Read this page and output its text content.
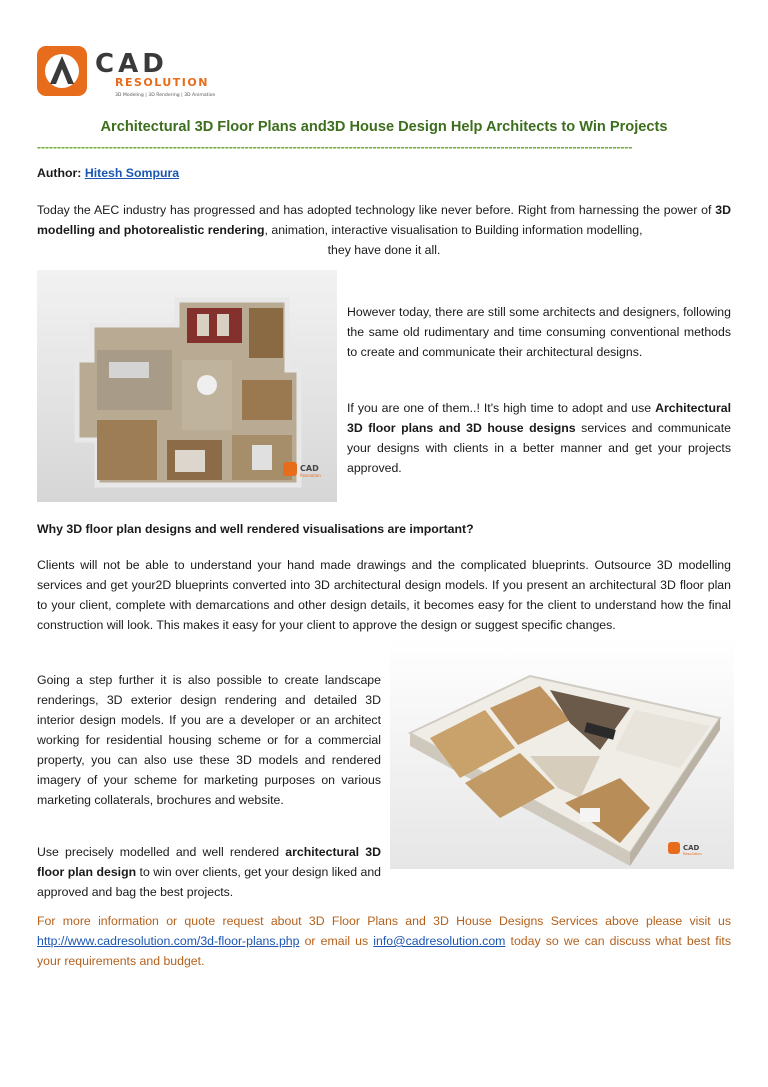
CAD
RESOLUTION
3D Modeling | 3D Rendering | 3D Animation
Architectural 3D Floor Plans and3D House Design Help Architects to Win Projects
-----------------------------------------------------------------------------------------------------------------------------------------------------
Author: Hitesh Sompura
Today the AEC industry has progressed and has adopted technology like never before. Right from harnessing the power of 3D modelling and photorealistic rendering, animation, interactive visualisation to Building information modelling,
they have done it all.
CAD
Resolution
However today, there are still some architects and designers, following the same old rudimentary and time consuming conventional methods to create and communicate their architectural designs.
If you are one of them..! It's high time to adopt and use Architectural 3D floor plans and 3D house designs services and communicate your designs with clients in a better manner and get your projects approved.
Why 3D floor plan designs and well rendered visualisations are important?
Clients will not be able to understand your hand made drawings and the complicated blueprints. Outsource 3D modelling services and get your2D blueprints converted into 3D architectural design models. If you present an architectural 3D floor plan to your client, complete with demarcations and other design details, it becomes easy for the client to understand how the final construction will look. This makes it easy for your client to approve the design or suggest specific changes.
CAD
Resolution
Going a step further it is also possible to create landscape renderings, 3D exterior design rendering and detailed 3D interior design models. If you are a developer or an architect working for residential housing scheme or for a commercial property, you can also use these 3D models and rendered imagery of your scheme for marketing purposes on various marketing collaterals, brochures and website.
Use precisely modelled and well rendered architectural 3D floor plan design to win over clients, get your design liked and approved and bag the best projects.
For more information or quote request about 3D Floor Plans and 3D House Designs Services above please visit us http://www.cadresolution.com/3d-floor-plans.php or email us info@cadresolution.com today so we can discuss what best fits your requirements and budget.
